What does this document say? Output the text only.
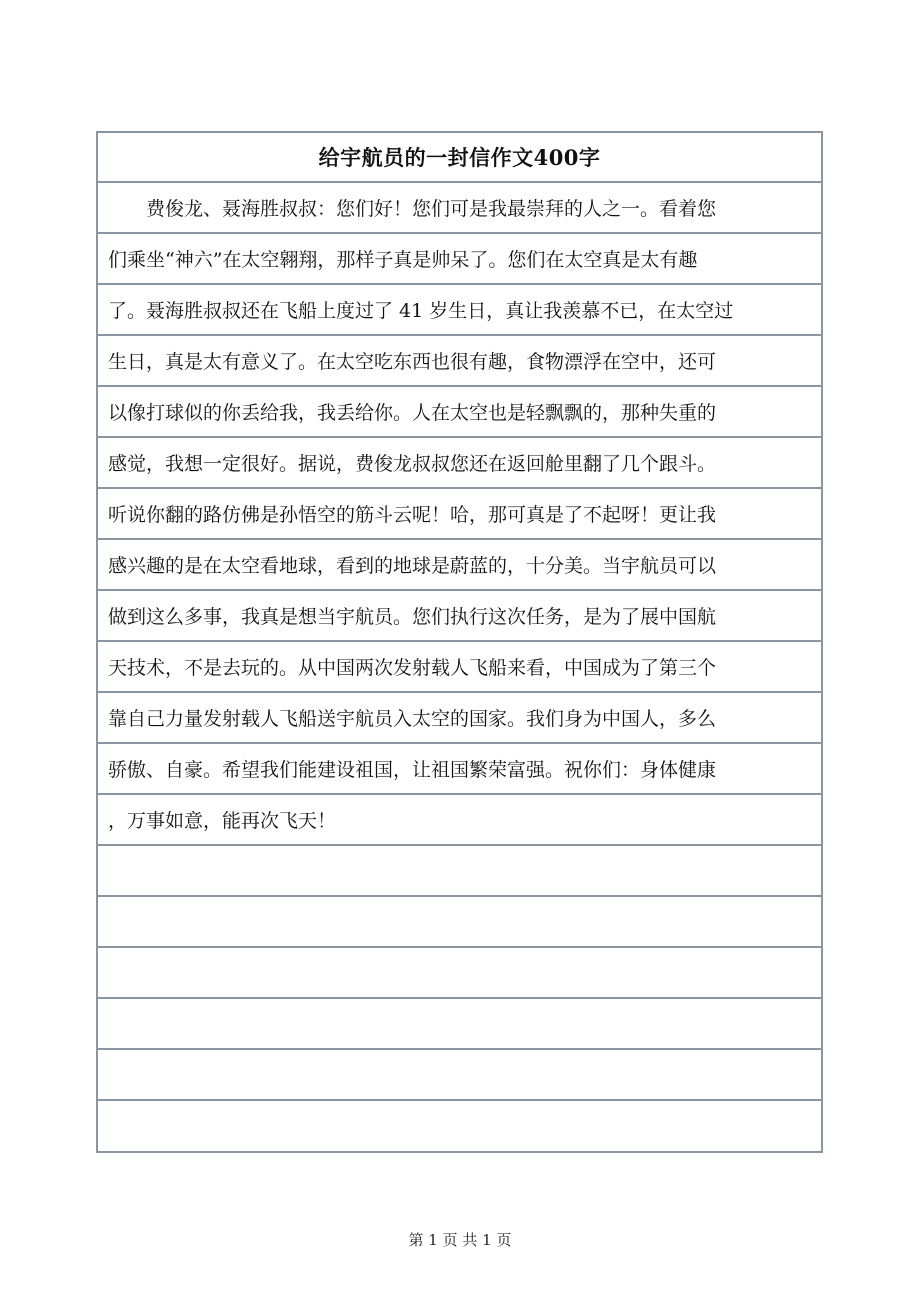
给宇航员的一封信作文400字
　　费俊龙、聂海胜叔叔：您们好！您们可是我最崇拜的人之一。看着您
们乘坐“神六”在太空翱翔，那样子真是帅呆了。您们在太空真是太有趣
了。聂海胜叔叔还在飞船上度过了 41 岁生日，真让我羡慕不已，在太空过
生日，真是太有意义了。在太空吃东西也很有趣，食物漂浮在空中，还可
以像打球似的你丢给我，我丢给你。人在太空也是轻飘飘的，那种失重的
感觉，我想一定很好。据说，费俊龙叔叔您还在返回舱里翻了几个跟斗。
听说你翻的路仿佛是孙悟空的筋斗云呢！哈，那可真是了不起呀！更让我
感兴趣的是在太空看地球，看到的地球是蔚蓝的，十分美。当宇航员可以
做到这么多事，我真是想当宇航员。您们执行这次任务，是为了展中国航
天技术，不是去玩的。从中国两次发射载人飞船来看，中国成为了第三个
靠自己力量发射载人飞船送宇航员入太空的国家。我们身为中国人，多么
骄傲、自豪。希望我们能建设祖国，让祖国繁荣富强。祝你们：身体健康
，万事如意，能再次飞天！
第 1 页 共 1 页
